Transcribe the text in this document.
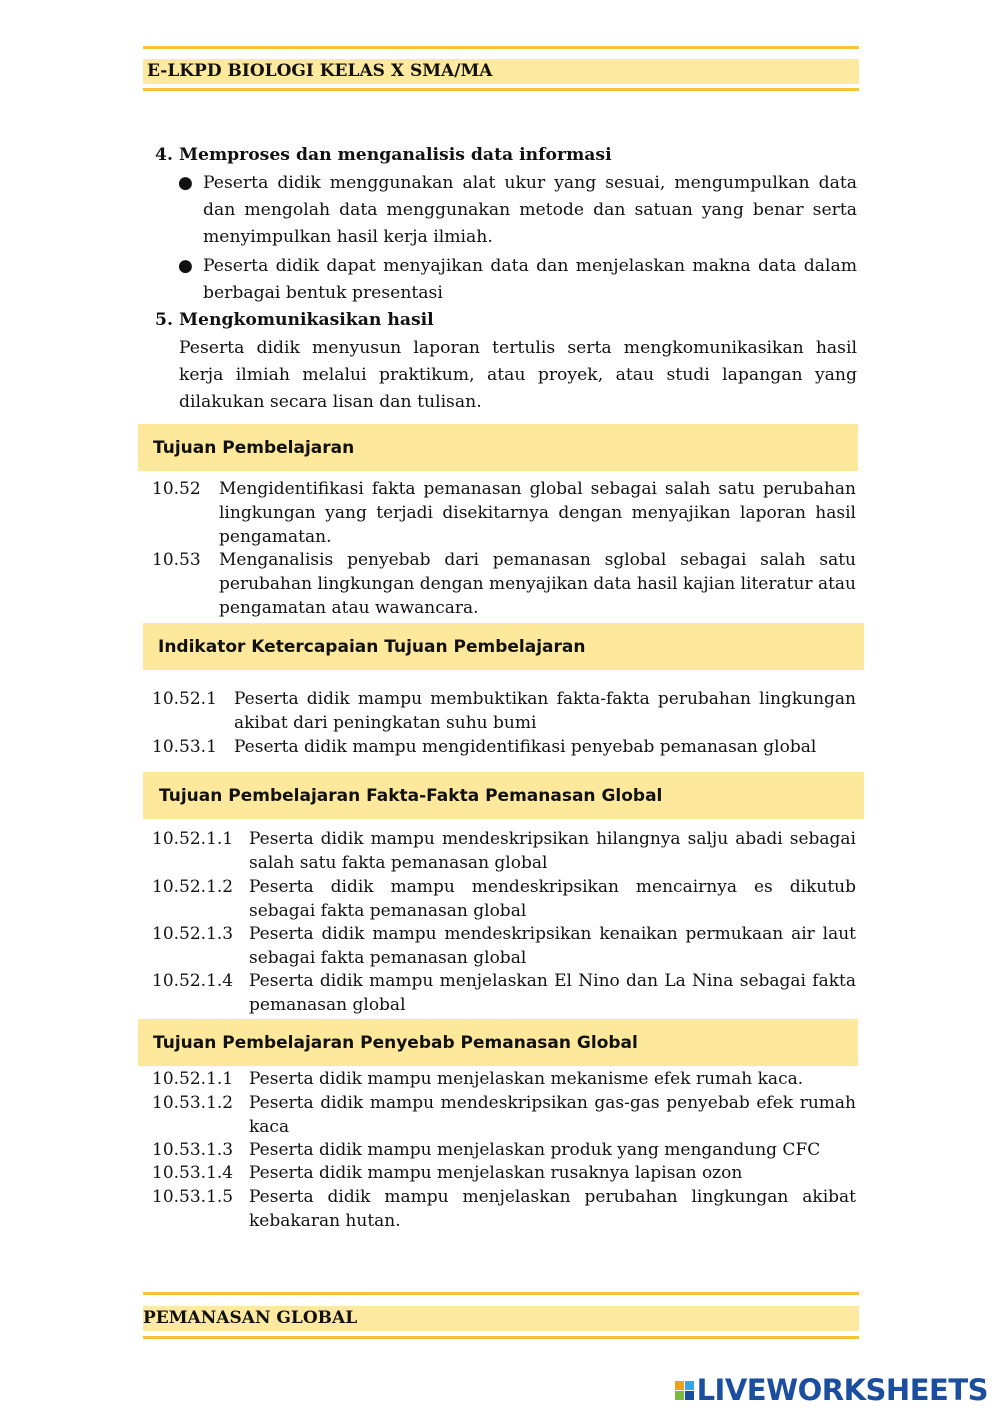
E-LKPD BIOLOGI KELAS X SMA/MA
4. Memproses dan menganalisis data informasi
● Peserta didik menggunakan alat ukur yang sesuai, mengumpulkan data dan mengolah data menggunakan metode dan satuan yang benar serta menyimpulkan hasil kerja ilmiah.
● Peserta didik dapat menyajikan data dan menjelaskan makna data dalam berbagai bentuk presentasi
5. Mengkomunikasikan hasil
Peserta didik menyusun laporan tertulis serta mengkomunikasikan hasil kerja ilmiah melalui praktikum, atau proyek, atau studi lapangan yang dilakukan secara lisan dan tulisan.
Tujuan Pembelajaran
10.52 Mengidentifikasi fakta pemanasan global sebagai salah satu perubahan lingkungan yang terjadi disekitarnya dengan menyajikan laporan hasil pengamatan.
10.53 Menganalisis penyebab dari pemanasan sglobal sebagai salah satu perubahan lingkungan dengan menyajikan data hasil kajian literatur atau pengamatan atau wawancara.
Indikator Ketercapaian Tujuan Pembelajaran
10.52.1 Peserta didik mampu membuktikan fakta-fakta perubahan lingkungan akibat dari peningkatan suhu bumi
10.53.1 Peserta didik mampu mengidentifikasi penyebab pemanasan global
Tujuan Pembelajaran Fakta-Fakta Pemanasan Global
10.52.1.1 Peserta didik mampu mendeskripsikan hilangnya salju abadi sebagai salah satu fakta pemanasan global
10.52.1.2 Peserta didik mampu mendeskripsikan mencairnya es dikutub sebagai fakta pemanasan global
10.52.1.3 Peserta didik mampu mendeskripsikan kenaikan permukaan air laut sebagai fakta pemanasan global
10.52.1.4 Peserta didik mampu menjelaskan El Nino dan La Nina sebagai fakta pemanasan global
Tujuan Pembelajaran Penyebab Pemanasan Global
10.52.1.1 Peserta didik mampu menjelaskan mekanisme efek rumah kaca.
10.53.1.2 Peserta didik mampu mendeskripsikan gas-gas penyebab efek rumah kaca
10.53.1.3 Peserta didik mampu menjelaskan produk yang mengandung CFC
10.53.1.4 Peserta didik mampu menjelaskan rusaknya lapisan ozon
10.53.1.5 Peserta didik mampu menjelaskan perubahan lingkungan akibat kebakaran hutan.
PEMANASAN GLOBAL
LIVEWORKSHEETS
